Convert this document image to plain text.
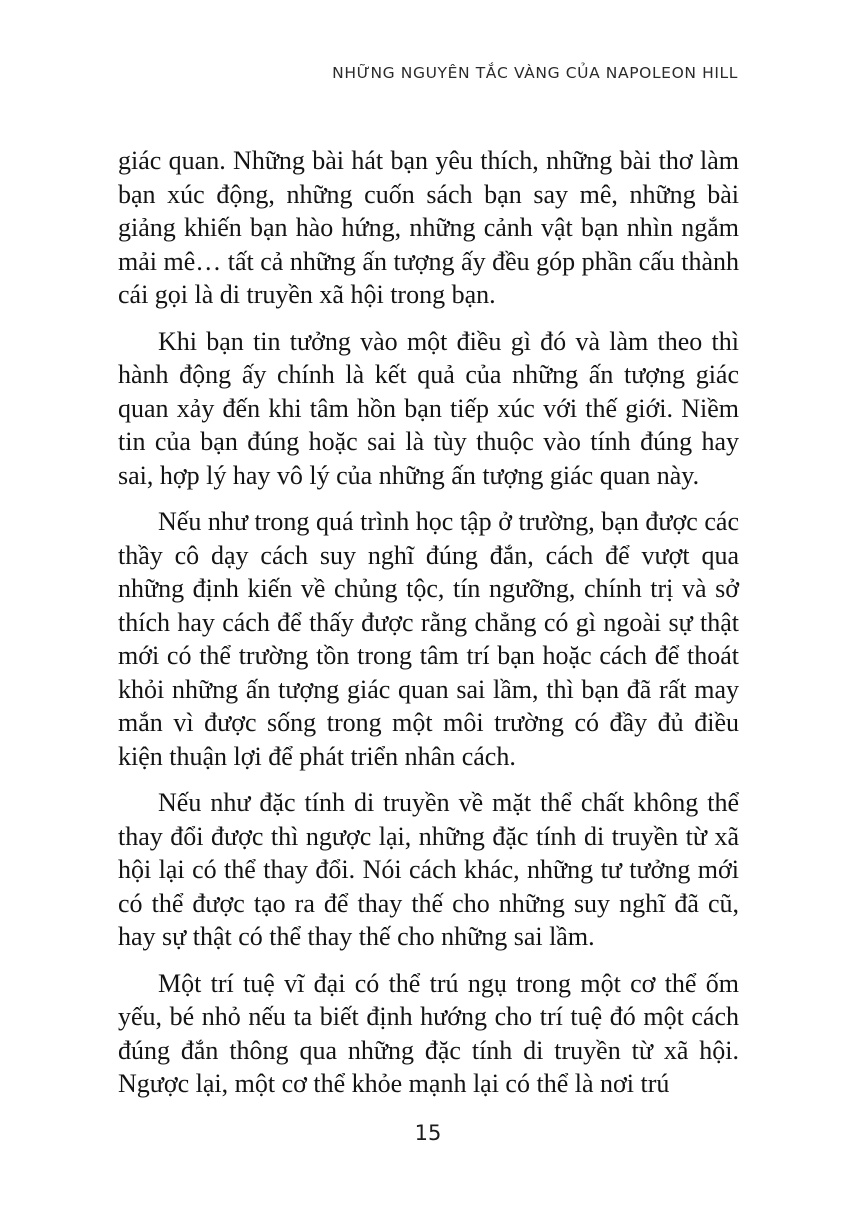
NHỮNG NGUYÊN TẮC VÀNG CỦA NAPOLEON HILL

giác quan. Những bài hát bạn yêu thích, những bài thơ làm bạn xúc động, những cuốn sách bạn say mê, những bài giảng khiến bạn hào hứng, những cảnh vật bạn nhìn ngắm mải mê… tất cả những ấn tượng ấy đều góp phần cấu thành cái gọi là di truyền xã hội trong bạn.

Khi bạn tin tưởng vào một điều gì đó và làm theo thì hành động ấy chính là kết quả của những ấn tượng giác quan xảy đến khi tâm hồn bạn tiếp xúc với thế giới. Niềm tin của bạn đúng hoặc sai là tùy thuộc vào tính đúng hay sai, hợp lý hay vô lý của những ấn tượng giác quan này.

Nếu như trong quá trình học tập ở trường, bạn được các thầy cô dạy cách suy nghĩ đúng đắn, cách để vượt qua những định kiến về chủng tộc, tín ngưỡng, chính trị và sở thích hay cách để thấy được rằng chẳng có gì ngoài sự thật mới có thể trường tồn trong tâm trí bạn hoặc cách để thoát khỏi những ấn tượng giác quan sai lầm, thì bạn đã rất may mắn vì được sống trong một môi trường có đầy đủ điều kiện thuận lợi để phát triển nhân cách.

Nếu như đặc tính di truyền về mặt thể chất không thể thay đổi được thì ngược lại, những đặc tính di truyền từ xã hội lại có thể thay đổi. Nói cách khác, những tư tưởng mới có thể được tạo ra để thay thế cho những suy nghĩ đã cũ, hay sự thật có thể thay thế cho những sai lầm.

Một trí tuệ vĩ đại có thể trú ngụ trong một cơ thể ốm yếu, bé nhỏ nếu ta biết định hướng cho trí tuệ đó một cách đúng đắn thông qua những đặc tính di truyền từ xã hội. Ngược lại, một cơ thể khỏe mạnh lại có thể là nơi trú

15
